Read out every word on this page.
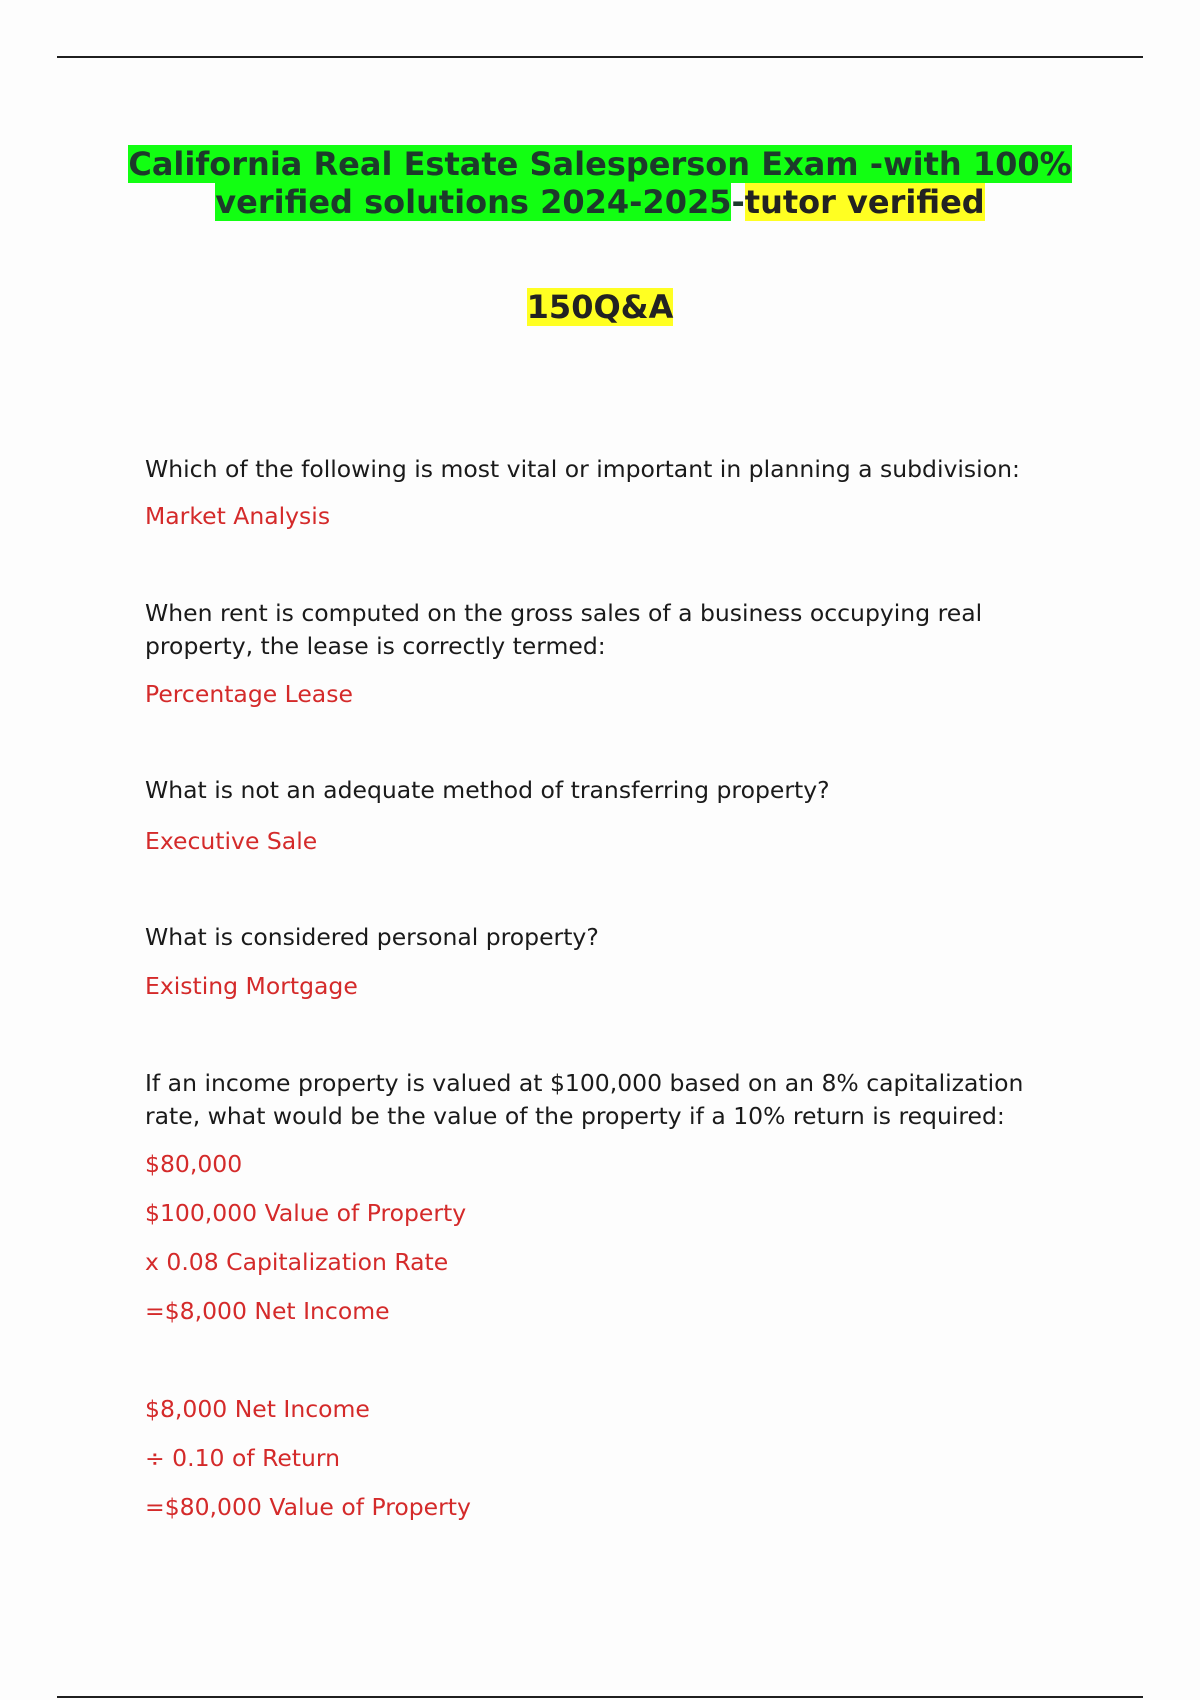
California Real Estate Salesperson Exam -with 100% verified solutions 2024-2025-tutor verified
150Q&A
Which of the following is most vital or important in planning a subdivision:
Market Analysis
When rent is computed on the gross sales of a business occupying real property, the lease is correctly termed:
Percentage Lease
What is not an adequate method of transferring property?
Executive Sale
What is considered personal property?
Existing Mortgage
If an income property is valued at $100,000 based on an 8% capitalization rate, what would be the value of the property if a 10% return is required:
$80,000
$100,000 Value of Property
x 0.08 Capitalization Rate
=$8,000 Net Income
$8,000 Net Income
÷ 0.10 of Return
=$80,000 Value of Property
